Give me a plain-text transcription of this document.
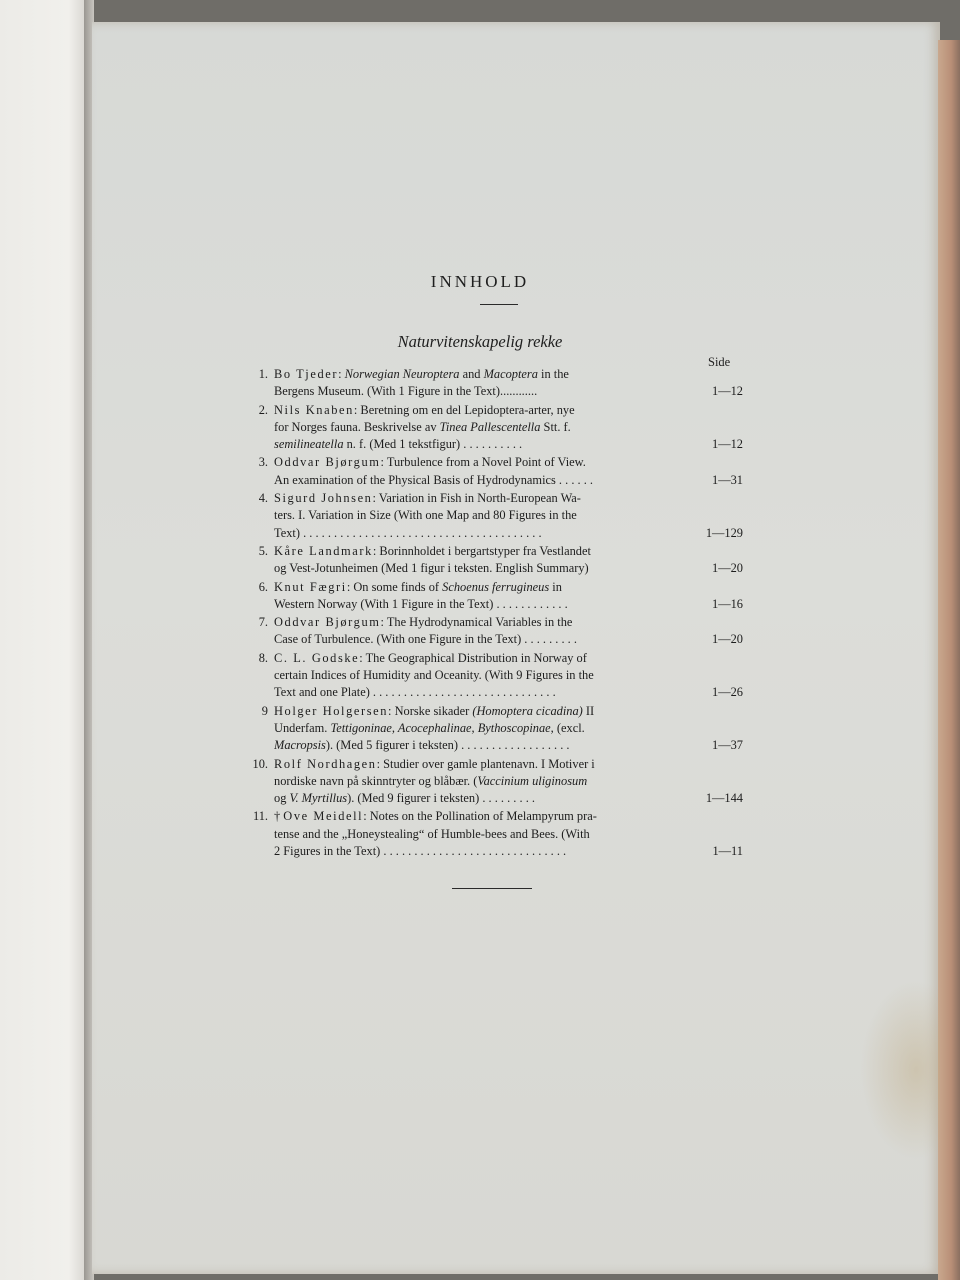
INNHOLD
Naturvitenskapelig rekke
Side
1. Bo Tjeder: Norwegian Neuroptera and Macoptera in the
Bergens Museum. (With 1 Figure in the Text)............	1—12
2. Nils Knaben: Beretning om en del Lepidoptera-arter, nye
for Norges fauna. Beskrivelse av Tinea Pallescentella Stt. f.
semilineatella n. f. (Med 1 tekstfigur) . . . . . . . . . .	1—12
3. Oddvar Bjørgum: Turbulence from a Novel Point of View.
An examination of the Physical Basis of Hydrodynamics . . . . . .	1—31
4. Sigurd Johnsen: Variation in Fish in North-European Wa-
ters. I. Variation in Size (With one Map and 80 Figures in the
Text) . . . . . . . . . . . . . . . . . . . . . . . . . . . . . . . . . . . . . . .	1—129
5. Kåre Landmark: Borinnholdet i bergartstyper fra Vestlandet
og Vest-Jotunheimen (Med 1 figur i teksten. English Summary)	1—20
6. Knut Fægri: On some finds of Schoenus ferrugineus in
Western Norway (With 1 Figure in the Text) . . . . . . . . . . . .	1—16
7. Oddvar Bjørgum: The Hydrodynamical Variables in the
Case of Turbulence. (With one Figure in the Text) . . . . . . . . .	1—20
8. C. L. Godske: The Geographical Distribution in Norway of
certain Indices of Humidity and Oceanity. (With 9 Figures in the
Text and one Plate) . . . . . . . . . . . . . . . . . . . . . . . . . . . . . .	1—26
9 Holger Holgersen: Norske sikader (Homoptera cicadina) II
Underfam. Tettigoninae, Acocephalinae, Bythoscopinae, (excl.
Macropsis). (Med 5 figurer i teksten) . . . . . . . . . . . . . . . . . .	1—37
10. Rolf Nordhagen: Studier over gamle plantenavn. I Motiver i
nordiske navn på skinntryter og blåbær. (Vaccinium uliginosum
og V. Myrtillus). (Med 9 figurer i teksten) . . . . . . . . .	1—144
11. † Ove Meidell: Notes on the Pollination of Melampyrum pra-
tense and the „Honeystealing“ of Humble-bees and Bees. (With
2 Figures in the Text) . . . . . . . . . . . . . . . . . . . . . . . . . . . . . .	1—11
